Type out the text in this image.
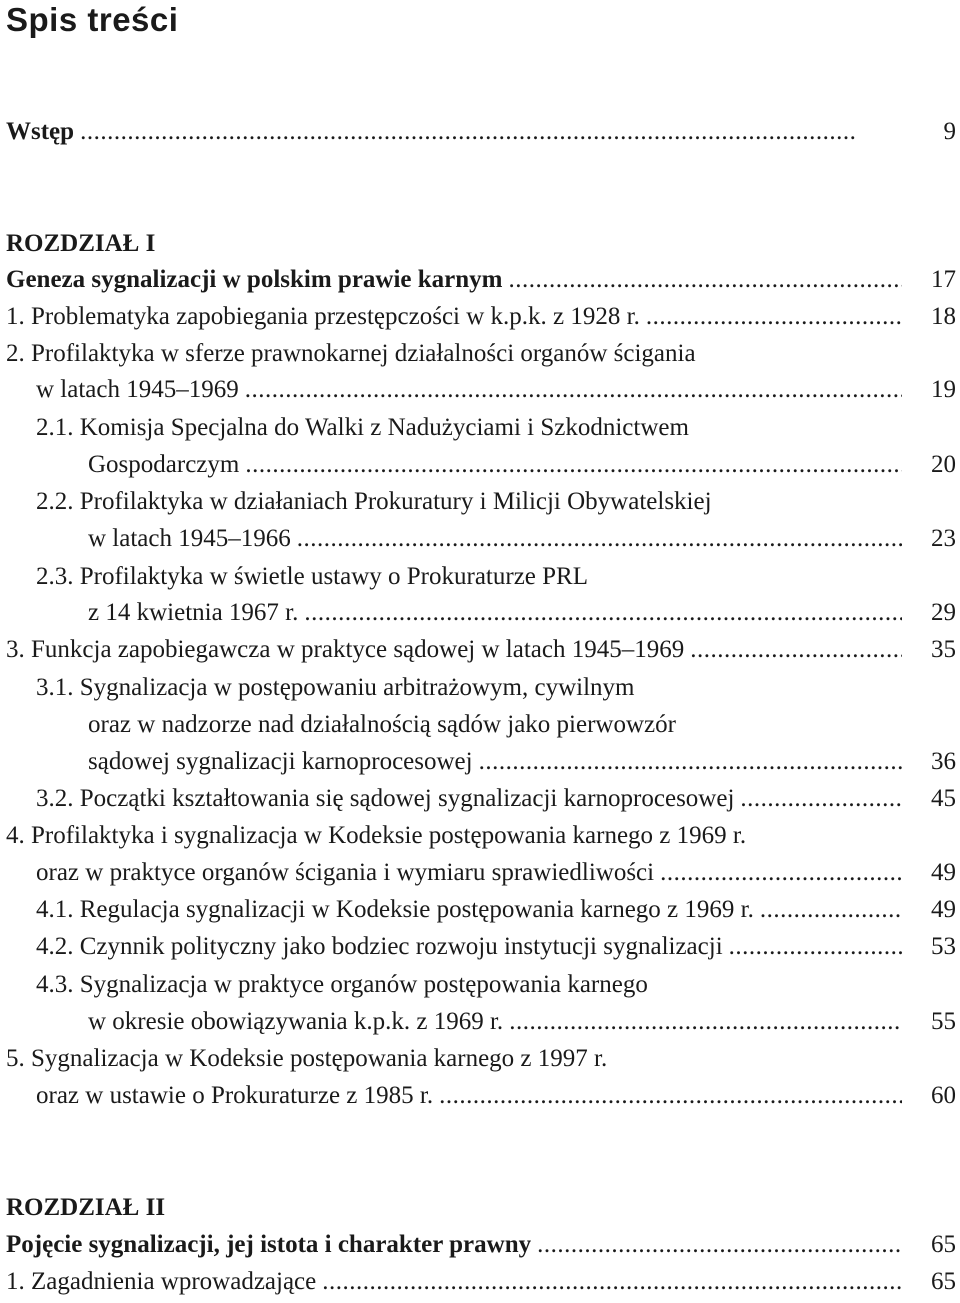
Spis treści
Wstęp .....	9
ROZDZIAŁ I
Geneza sygnalizacji w polskim prawie karnym .....	17
1. Problematyka zapobiegania przestępczości w k.p.k. z 1928 r. .....	18
2. Profilaktyka w sferze prawnokarnej działalności organów ścigania
w latach 1945–1969 .....	19
2.1. Komisja Specjalna do Walki z Nadużyciami i Szkodnictwem
Gospodarczym .....	20
2.2. Profilaktyka w działaniach Prokuratury i Milicji Obywatelskiej
w latach 1945–1966 .....	23
2.3. Profilaktyka w świetle ustawy o Prokuraturze PRL
z 14 kwietnia 1967 r. .....	29
3. Funkcja zapobiegawcza w praktyce sądowej w latach 1945–1969 .....	35
3.1. Sygnalizacja w postępowaniu arbitrażowym, cywilnym
oraz w nadzorze nad działalnością sądów jako pierwowzór
sądowej sygnalizacji karnoprocesowej .....	36
3.2. Początki kształtowania się sądowej sygnalizacji karnoprocesowej .....	45
4. Profilaktyka i sygnalizacja w Kodeksie postępowania karnego z 1969 r.
oraz w praktyce organów ścigania i wymiaru sprawiedliwości .....	49
4.1. Regulacja sygnalizacji w Kodeksie postępowania karnego z 1969 r. .....	49
4.2. Czynnik polityczny jako bodziec rozwoju instytucji sygnalizacji .....	53
4.3. Sygnalizacja w praktyce organów postępowania karnego
w okresie obowiązywania k.p.k. z 1969 r. .....	55
5. Sygnalizacja w Kodeksie postępowania karnego z 1997 r.
oraz w ustawie o Prokuraturze z 1985 r. .....	60
ROZDZIAŁ II
Pojęcie sygnalizacji, jej istota i charakter prawny .....	65
1. Zagadnienia wprowadzające .....	65
